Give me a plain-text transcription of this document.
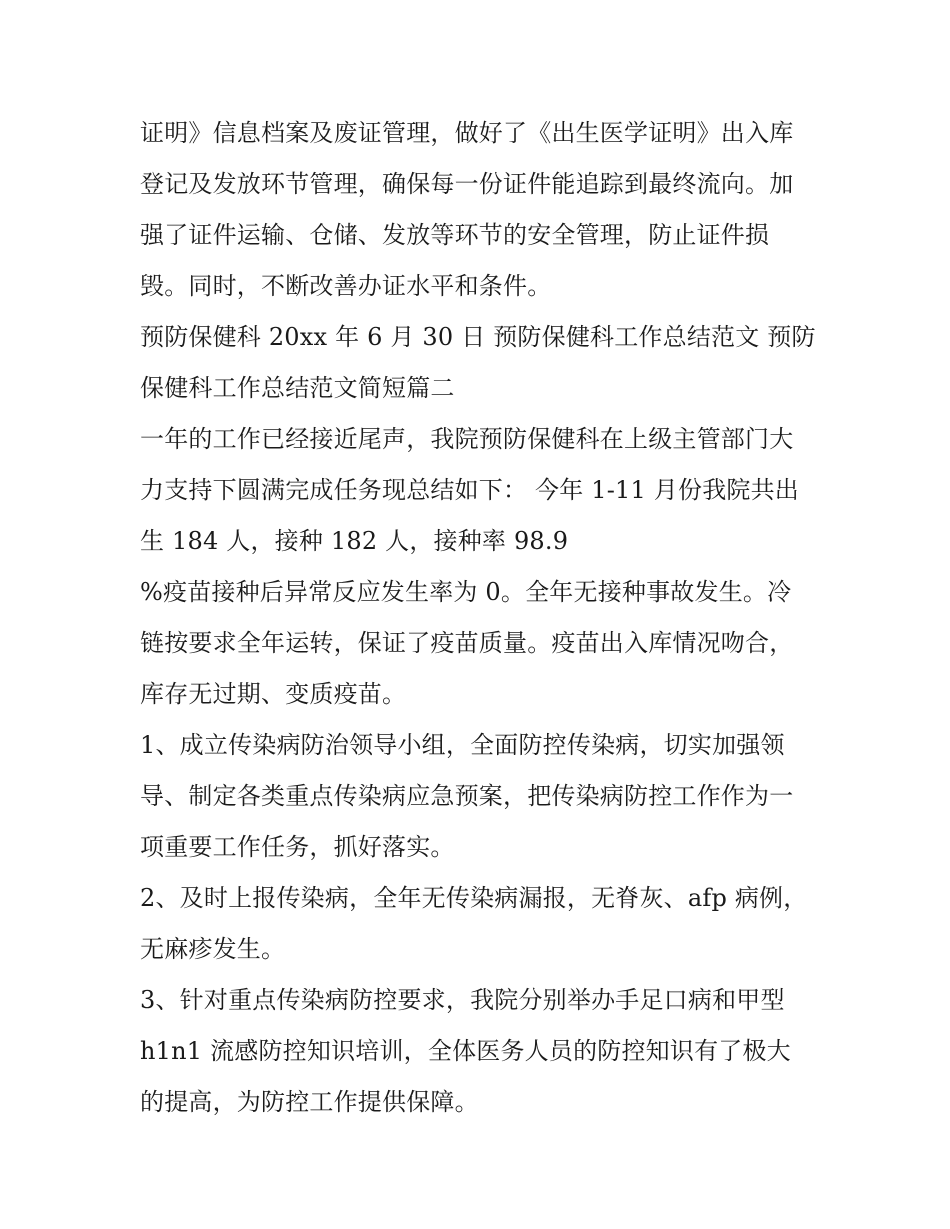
证明》信息档案及废证管理，做好了《出生医学证明》出入库
登记及发放环节管理，确保每一份证件能追踪到最终流向。加
强了证件运输、仓储、发放等环节的安全管理，防止证件损
毁。同时，不断改善办证水平和条件。
预防保健科 20xx 年 6 月 30 日 预防保健科工作总结范文 预防
保健科工作总结范文简短篇二
一年的工作已经接近尾声，我院预防保健科在上级主管部门大
力支持下圆满完成任务现总结如下： 今年 1-11 月份我院共出
生 184 人，接种 182 人，接种率 98.9
%疫苗接种后异常反应发生率为 0。全年无接种事故发生。冷
链按要求全年运转，保证了疫苗质量。疫苗出入库情况吻合，
库存无过期、变质疫苗。
1、成立传染病防治领导小组，全面防控传染病，切实加强领
导、制定各类重点传染病应急预案，把传染病防控工作作为一
项重要工作任务，抓好落实。
2、及时上报传染病，全年无传染病漏报，无脊灰、afp 病例，
无麻疹发生。
3、针对重点传染病防控要求，我院分别举办手足口病和甲型
h1n1 流感防控知识培训，全体医务人员的防控知识有了极大
的提高，为防控工作提供保障。
